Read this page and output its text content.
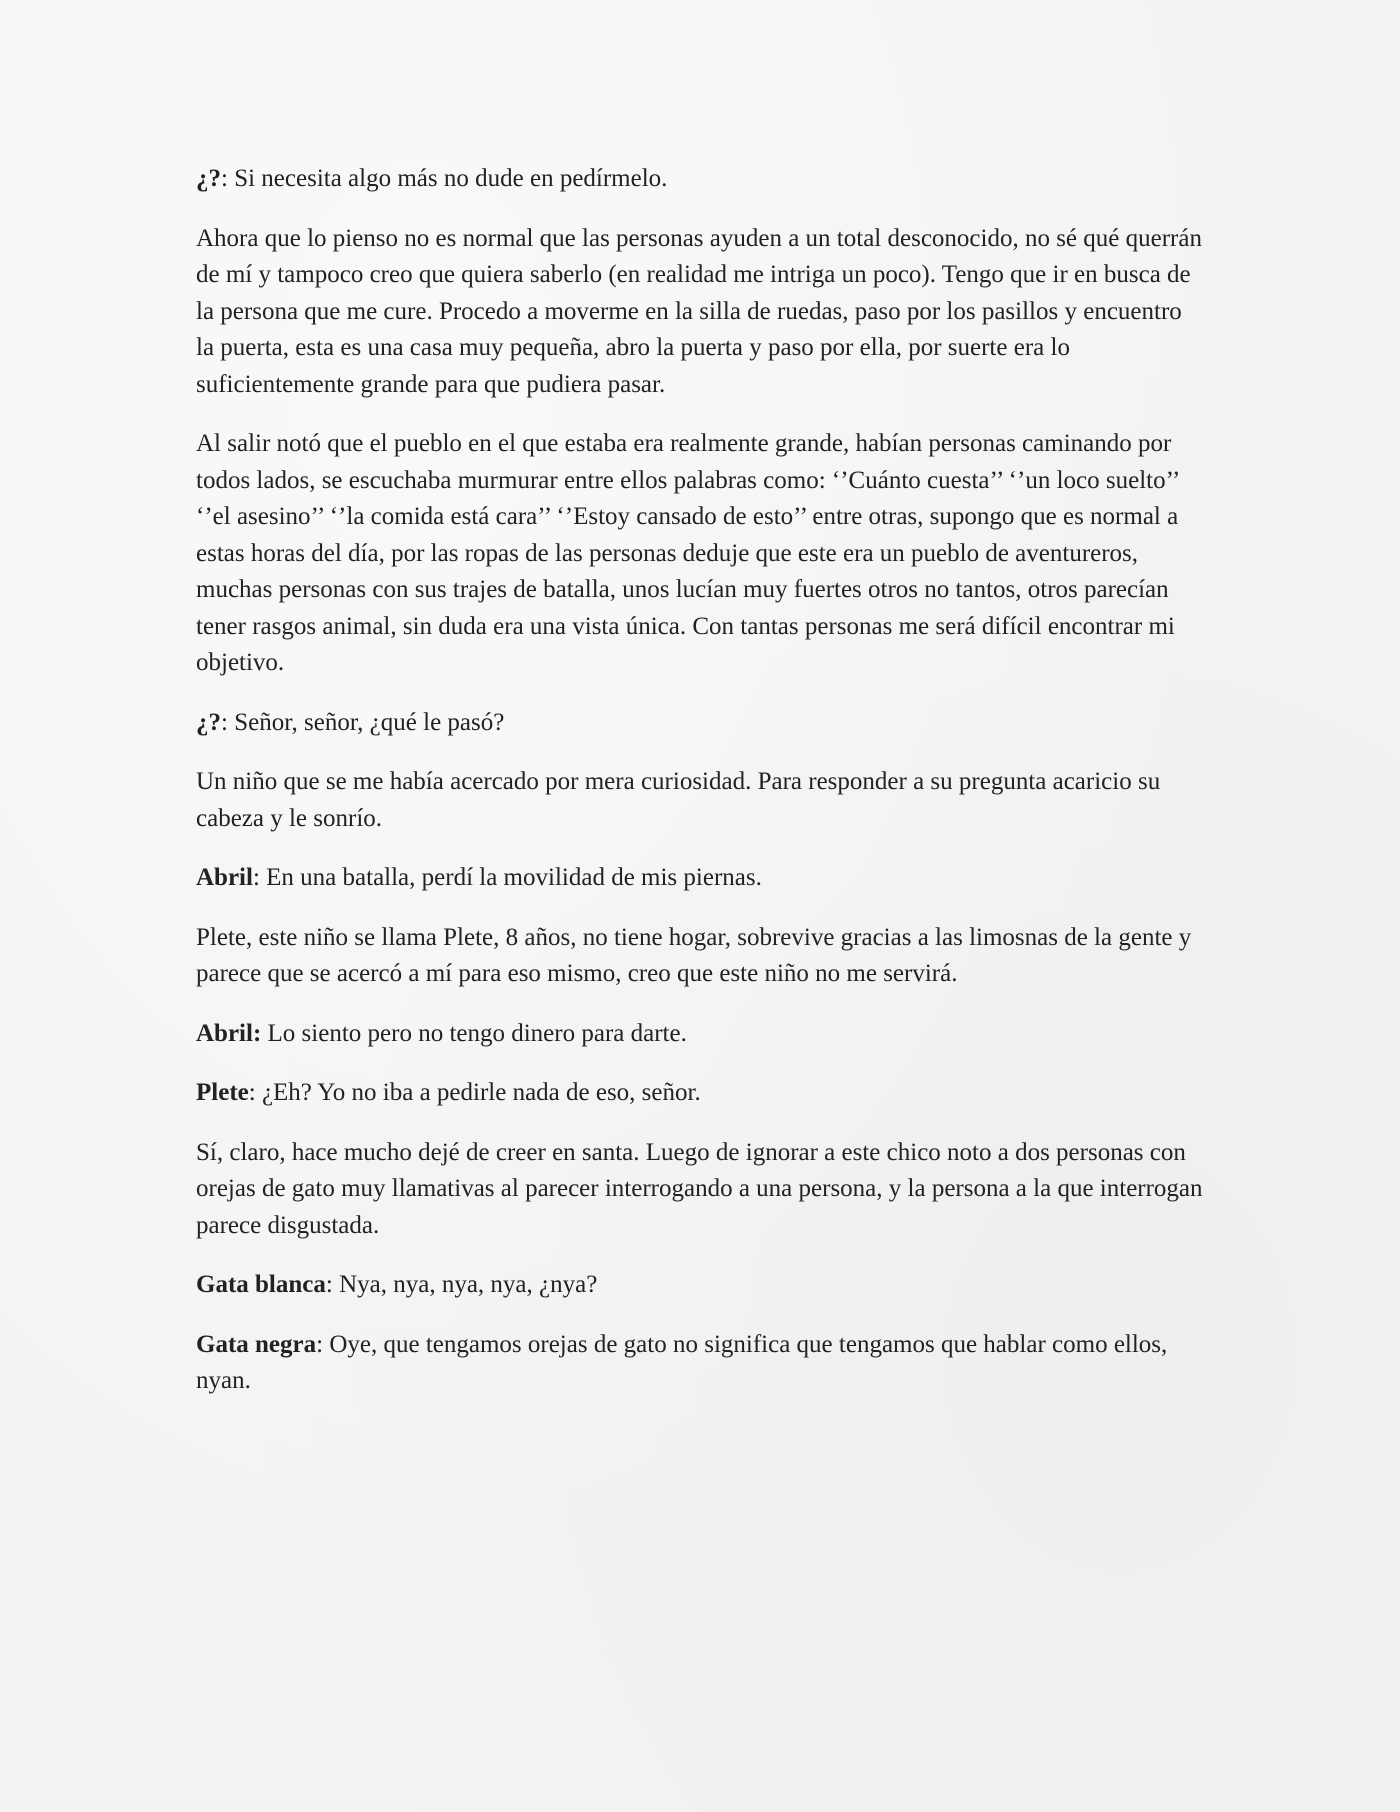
¿?: Si necesita algo más no dude en pedírmelo.

Ahora que lo pienso no es normal que las personas ayuden a un total desconocido, no sé qué querrán de mí y tampoco creo que quiera saberlo (en realidad me intriga un poco). Tengo que ir en busca de la persona que me cure. Procedo a moverme en la silla de ruedas, paso por los pasillos y encuentro la puerta, esta es una casa muy pequeña, abro la puerta y paso por ella, por suerte era lo suficientemente grande para que pudiera pasar.

Al salir notó que el pueblo en el que estaba era realmente grande, habían personas caminando por todos lados, se escuchaba murmurar entre ellos palabras como: ‘’Cuánto cuesta’’ ‘’un loco suelto’’ ‘’el asesino’’ ‘’la comida está cara’’ ‘’Estoy cansado de esto’’ entre otras, supongo que es normal a estas horas del día, por las ropas de las personas deduje que este era un pueblo de aventureros, muchas personas con sus trajes de batalla, unos lucían muy fuertes otros no tantos, otros parecían tener rasgos animal, sin duda era una vista única. Con tantas personas me será difícil encontrar mi objetivo.

¿?: Señor, señor, ¿qué le pasó?

Un niño que se me había acercado por mera curiosidad. Para responder a su pregunta acaricio su cabeza y le sonrío.

Abril: En una batalla, perdí la movilidad de mis piernas.

Plete, este niño se llama Plete, 8 años, no tiene hogar, sobrevive gracias a las limosnas de la gente y parece que se acercó a mí para eso mismo, creo que este niño no me servirá.

Abril: Lo siento pero no tengo dinero para darte.

Plete: ¿Eh? Yo no iba a pedirle nada de eso, señor.

Sí, claro, hace mucho dejé de creer en santa. Luego de ignorar a este chico noto a dos personas con orejas de gato muy llamativas al parecer interrogando a una persona, y la persona a la que interrogan parece disgustada.

Gata blanca: Nya, nya, nya, nya, ¿nya?

Gata negra: Oye, que tengamos orejas de gato no significa que tengamos que hablar como ellos, nyan.
